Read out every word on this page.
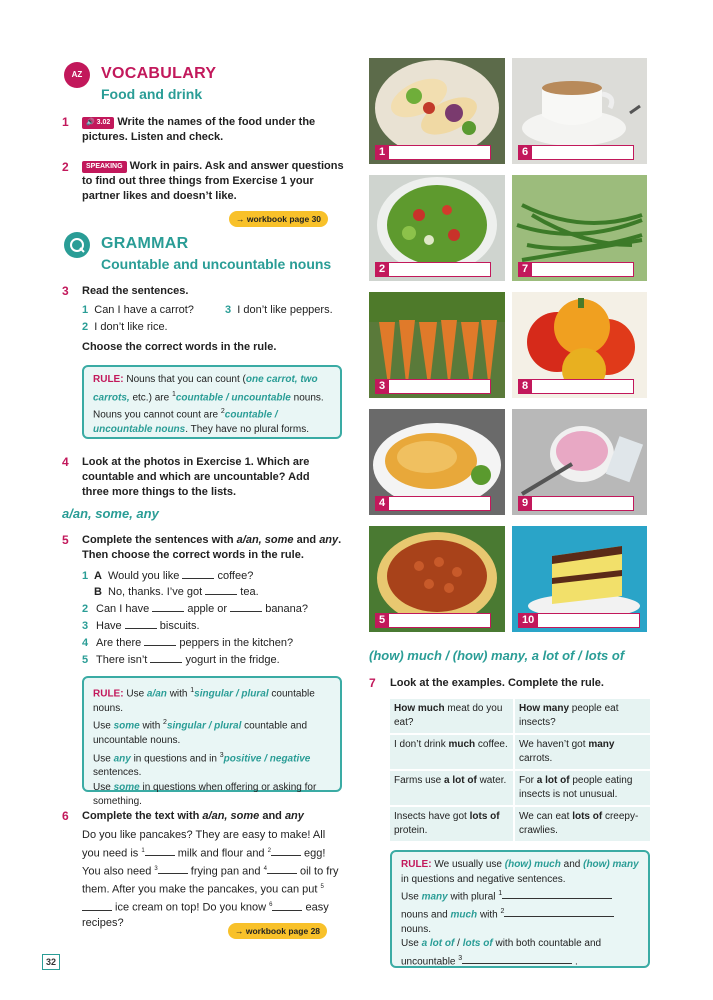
AZ	VOCABULARY
Food and drink
1	🔊 3.02 Write the names of the food under the pictures. Listen and check.
2	SPEAKING Work in pairs. Ask and answer questions to find out three things from Exercise 1 your partner likes and doesn’t like.
→ workbook page 30
GRAMMAR
Countable and uncountable nouns
3 Read the sentences.
1 Can I have a carrot?
2 I don’t like rice.
3 I don’t like peppers.
Choose the correct words in the rule.
RULE: Nouns that you can count (one carrot, two carrots, etc.) are $^1$countable / uncountable nouns. Nouns you cannot count are $^2$countable / uncountable nouns. They have no plural forms.
4 Look at the photos in Exercise 1. Which are countable and which are uncountable? Add three more things to the lists.
a/an, some, any
5 Complete the sentences with a/an, some and any. Then choose the correct words in the rule.
1 A Would you like	coffee?
B No, thanks. I’ve got	tea.
2 Can I have	apple or	banana?
3 Have	biscuits.
4 Are there	peppers in the kitchen?
5 There isn’t	yogurt in the fridge.
RULE: Use a/an with $^1$singular / plural countable nouns.
Use some with $^2$singular / plural countable and uncountable nouns.
Use any in questions and in $^3$positive / negative sentences.
Use some in questions when offering or asking for something.
6 Complete the text with a/an, some and any
Do you like pancakes? They are easy to make! All you need is $^1$	milk and flour and $^2$	egg! You also need $^3$	frying pan and $^4$	oil to fry them. After you make the pancakes, you can put $^5$ ice cream on top! Do you know $^6$	easy recipes?
→ workbook page 28
32
1	6
2	7
3	8
4	9
5	10
(how) much / (how) many, a lot of / lots of
7 Look at the examples. Complete the rule.
How much meat do you eat?	How many people eat insects?
I don’t drink much coffee.	We haven’t got many carrots.
Farms use a lot of water.	For a lot of people eating insects is not unusual.
Insects have got lots of protein.	We can eat lots of creepy-crawlies.
RULE: We usually use (how) much and (how) many in questions and negative sentences.
Use many with plural $^1$
nouns and much with $^2$
nouns.
Use a lot of / lots of with both countable and
uncountable $^3$	.
